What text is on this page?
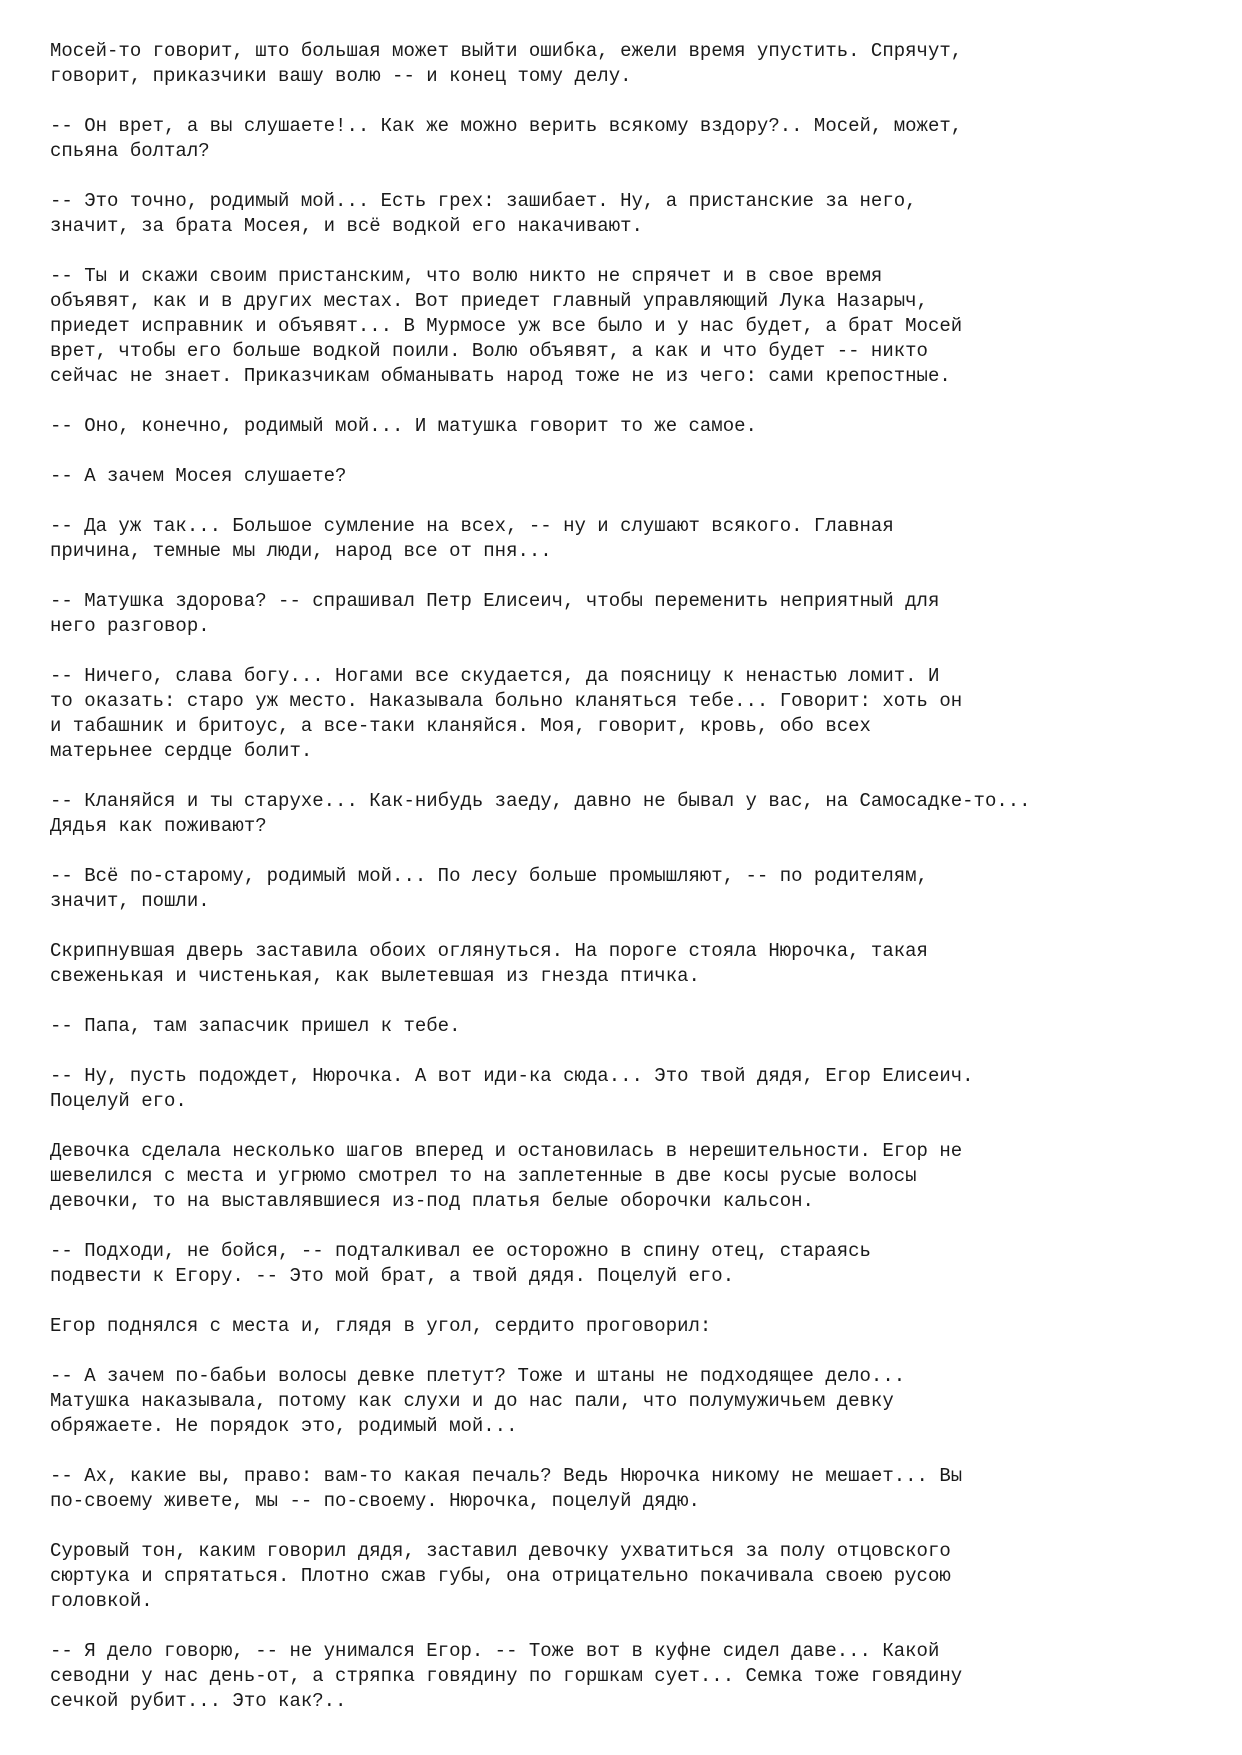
Мосей-то говорит, што большая может выйти ошибка, ежели время упустить. Спрячут,
говорит, приказчики вашу волю -- и конец тому делу.

-- Он врет, а вы слушаете!.. Как же можно верить всякому вздору?.. Мосей, может,
спьяна болтал?

-- Это точно, родимый мой... Есть грех: зашибает. Ну, а пристанские за него,
значит, за брата Мосея, и всё водкой его накачивают.

-- Ты и скажи своим пристанским, что волю никто не спрячет и в свое время
объявят, как и в других местах. Вот приедет главный управляющий Лука Назарыч,
приедет исправник и объявят... В Мурмосе уж все было и у нас будет, а брат Мосей
врет, чтобы его больше водкой поили. Волю объявят, а как и что будет -- никто
сейчас не знает. Приказчикам обманывать народ тоже не из чего: сами крепостные.

-- Оно, конечно, родимый мой... И матушка говорит то же самое.

-- А зачем Мосея слушаете?

-- Да уж так... Большое сумление на всех, -- ну и слушают всякого. Главная
причина, темные мы люди, народ все от пня...

-- Матушка здорова? -- спрашивал Петр Елисеич, чтобы переменить неприятный для
него разговор.

-- Ничего, слава богу... Ногами все скудается, да поясницу к ненастью ломит. И
то оказать: старо уж место. Наказывала больно кланяться тебе... Говорит: хоть он
и табашник и бритоус, а все-таки кланяйся. Моя, говорит, кровь, обо всех
матерьнее сердце болит.

-- Кланяйся и ты старухе... Как-нибудь заеду, давно не бывал у вас, на Самосадке-то...
Дядья как поживают?

-- Всё по-старому, родимый мой... По лесу больше промышляют, -- по родителям,
значит, пошли.

Скрипнувшая дверь заставила обоих оглянуться. На пороге стояла Нюрочка, такая
свеженькая и чистенькая, как вылетевшая из гнезда птичка.

-- Папа, там запасчик пришел к тебе.

-- Ну, пусть подождет, Нюрочка. А вот иди-ка сюда... Это твой дядя, Егор Елисеич.
Поцелуй его.

Девочка сделала несколько шагов вперед и остановилась в нерешительности. Егор не
шевелился с места и угрюмо смотрел то на заплетенные в две косы русые волосы
девочки, то на выставлявшиеся из-под платья белые оборочки кальсон.

-- Подходи, не бойся, -- подталкивал ее осторожно в спину отец, стараясь
подвести к Егору. -- Это мой брат, а твой дядя. Поцелуй его.

Егор поднялся с места и, глядя в угол, сердито проговорил:

-- А зачем по-бабьи волосы девке плетут? Тоже и штаны не подходящее дело...
Матушка наказывала, потому как слухи и до нас пали, что полумужичьем девку
обряжаете. Не порядок это, родимый мой...

-- Ах, какие вы, право: вам-то какая печаль? Ведь Нюрочка никому не мешает... Вы
по-своему живете, мы -- по-своему. Нюрочка, поцелуй дядю.

Суровый тон, каким говорил дядя, заставил девочку ухватиться за полу отцовского
сюртука и спрятаться. Плотно сжав губы, она отрицательно покачивала своею русою
головкой.

-- Я дело говорю, -- не унимался Егор. -- Тоже вот в куфне сидел даве... Какой
севодни у нас день-от, а стряпка говядину по горшкам сует... Семка тоже говядину
сечкой рубит... Это как?..
